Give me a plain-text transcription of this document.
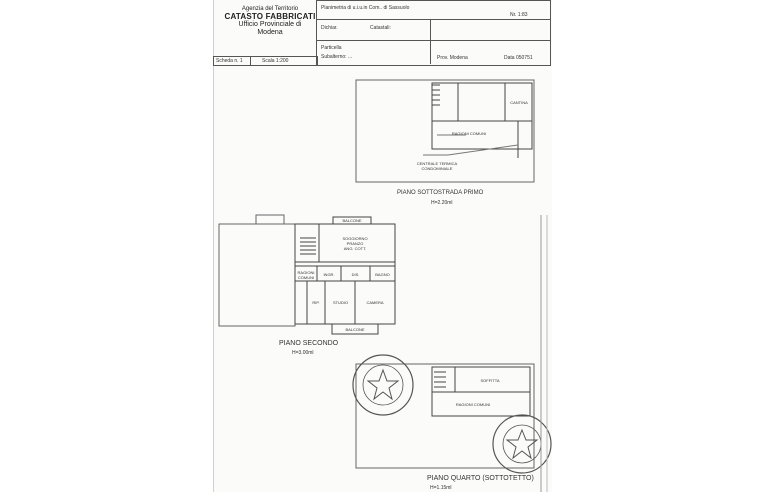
Agenzia del Territorio
CATASTO FABBRICATI
Ufficio Provinciale di
Modena
Planimetria di u.i.u.in Com.. di Sassuolo
Nr. 1:83
Dichiar.	Catastali:
Particella
Subalterno: ...	Prov. Modena	Data 050751
Scheda n. 1	Scala 1:200
CANTINA
RAGIONI COMUNI
CENTRALE TERMICA
CONDOMINIALE
PIANO SOTTOSTRADA PRIMO
H=2.20ml
BALCONE
SOGGIORNO
PRANZO
ANG. COTT.
RAGIONI
COMUNI
INGR.	DIS.	BAGNO
RIP.	STUDIO	CAMERA
BALCONE
PIANO SECONDO
H=3.00ml
SOFFITTA
RAGIONI COMUNI
PIANO QUARTO (SOTTOTETTO)
H=1.15ml
